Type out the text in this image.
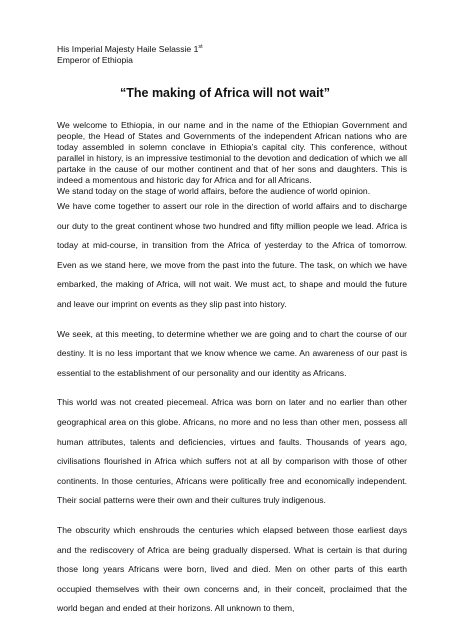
His Imperial Majesty Haile Selassie 1st

Emperor of Ethiopia

“The making of Africa will not wait”

We welcome to Ethiopia, in our name and in the name of the Ethiopian Government and people, the Head of States and Governments of the independent African nations who are today assembled in solemn conclave in Ethiopia’s capital city. This conference, without parallel in history, is an impressive testimonial to the devotion and dedication of which we all partake in the cause of our mother continent and that of her sons and daughters. This is indeed a momentous and historic day for Africa and for all Africans.

We stand today on the stage of world affairs, before the audience of world opinion.

We have come together to assert our role in the direction of world affairs and to discharge our duty to the great continent whose two hundred and fifty million people we lead. Africa is today at mid-course, in transition from the Africa of yesterday to the Africa of tomorrow. Even as we stand here, we move from the past into the future. The task, on which we have embarked, the making of Africa, will not wait. We must act, to shape and mould the future and leave our imprint on events as they slip past into history.

We seek, at this meeting, to determine whether we are going and to chart the course of our destiny. It is no less important that we know whence we came. An awareness of our past is essential to the establishment of our personality and our identity as Africans.

This world was not created piecemeal. Africa was born on later and no earlier than other geographical area on this globe. Africans, no more and no less than other men, possess all human attributes, talents and deficiencies, virtues and faults. Thousands of years ago, civilisations flourished in Africa which suffers not at all by comparison with those of other continents. In those centuries, Africans were politically free and economically independent. Their social patterns were their own and their cultures truly indigenous.

The obscurity which enshrouds the centuries which elapsed between those earliest days and the rediscovery of Africa are being gradually dispersed. What is certain is that during those long years Africans were born, lived and died. Men on other parts of this earth occupied themselves with their own concerns and, in their conceit, proclaimed that the world began and ended at their horizons. All unknown to them,
